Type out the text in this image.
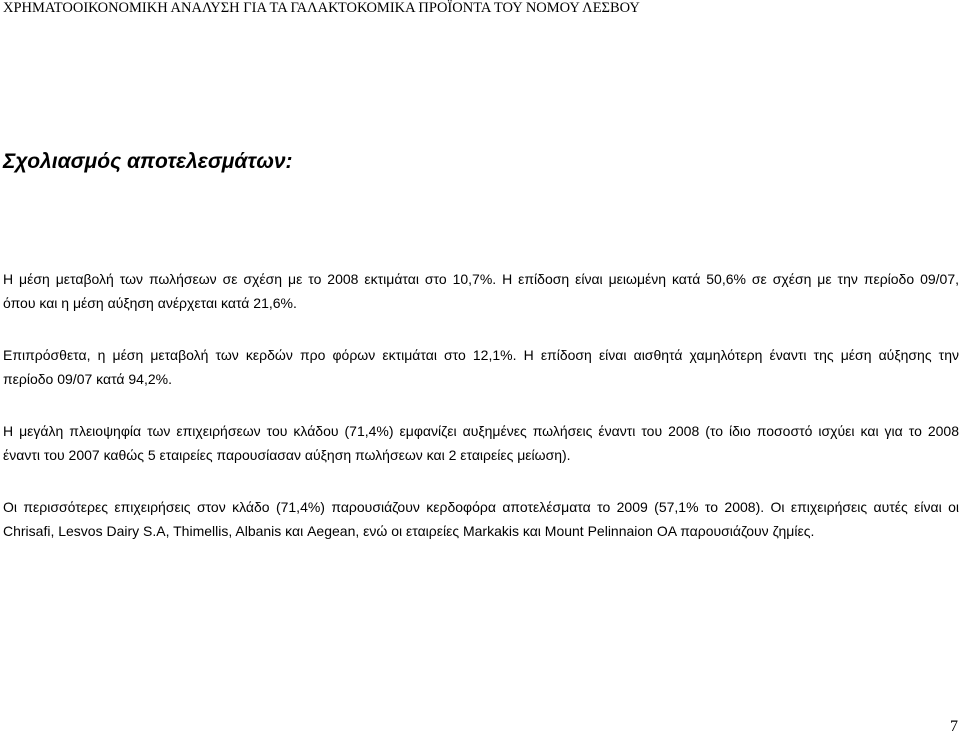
ΧΡΗΜΑΤΟΟΙΚΟΝΟΜΙΚΗ ΑΝΑΛΥΣΗ ΓΙΑ ΤΑ ΓΑΛΑΚΤΟΚΟΜΙΚΑ ΠΡΟΪΟΝΤΑ ΤΟΥ ΝΟΜΟΥ ΛΕΣΒΟΥ
Σχολιασμός αποτελεσμάτων:
Η μέση μεταβολή των πωλήσεων σε σχέση με το 2008 εκτιμάται στο 10,7%. Η επίδοση είναι μειωμένη κατά 50,6% σε σχέση με την περίοδο 09/07,
όπου και η μέση αύξηση ανέρχεται κατά 21,6%.
Επιπρόσθετα, η μέση μεταβολή των κερδών προ φόρων εκτιμάται στο 12,1%. Η επίδοση είναι αισθητά χαμηλότερη έναντι της μέση αύξησης την
περίοδο 09/07 κατά 94,2%.
Η μεγάλη πλειοψηφία των επιχειρήσεων του κλάδου (71,4%) εμφανίζει αυξημένες πωλήσεις έναντι του 2008 (το ίδιο ποσοστό ισχύει και για το 2008
έναντι του 2007 καθώς 5 εταιρείες παρουσίασαν αύξηση πωλήσεων και 2 εταιρείες μείωση).
Οι περισσότερες επιχειρήσεις στον κλάδο (71,4%) παρουσιάζουν κερδοφόρα αποτελέσματα το 2009 (57,1% το 2008). Οι επιχειρήσεις αυτές είναι οι
Chrisafi, Lesvos Dairy S.A, Thimellis, Albanis και Aegean, ενώ οι εταιρείες Markakis και Mount Pelinnaion OA παρουσιάζουν ζημίες.
7
